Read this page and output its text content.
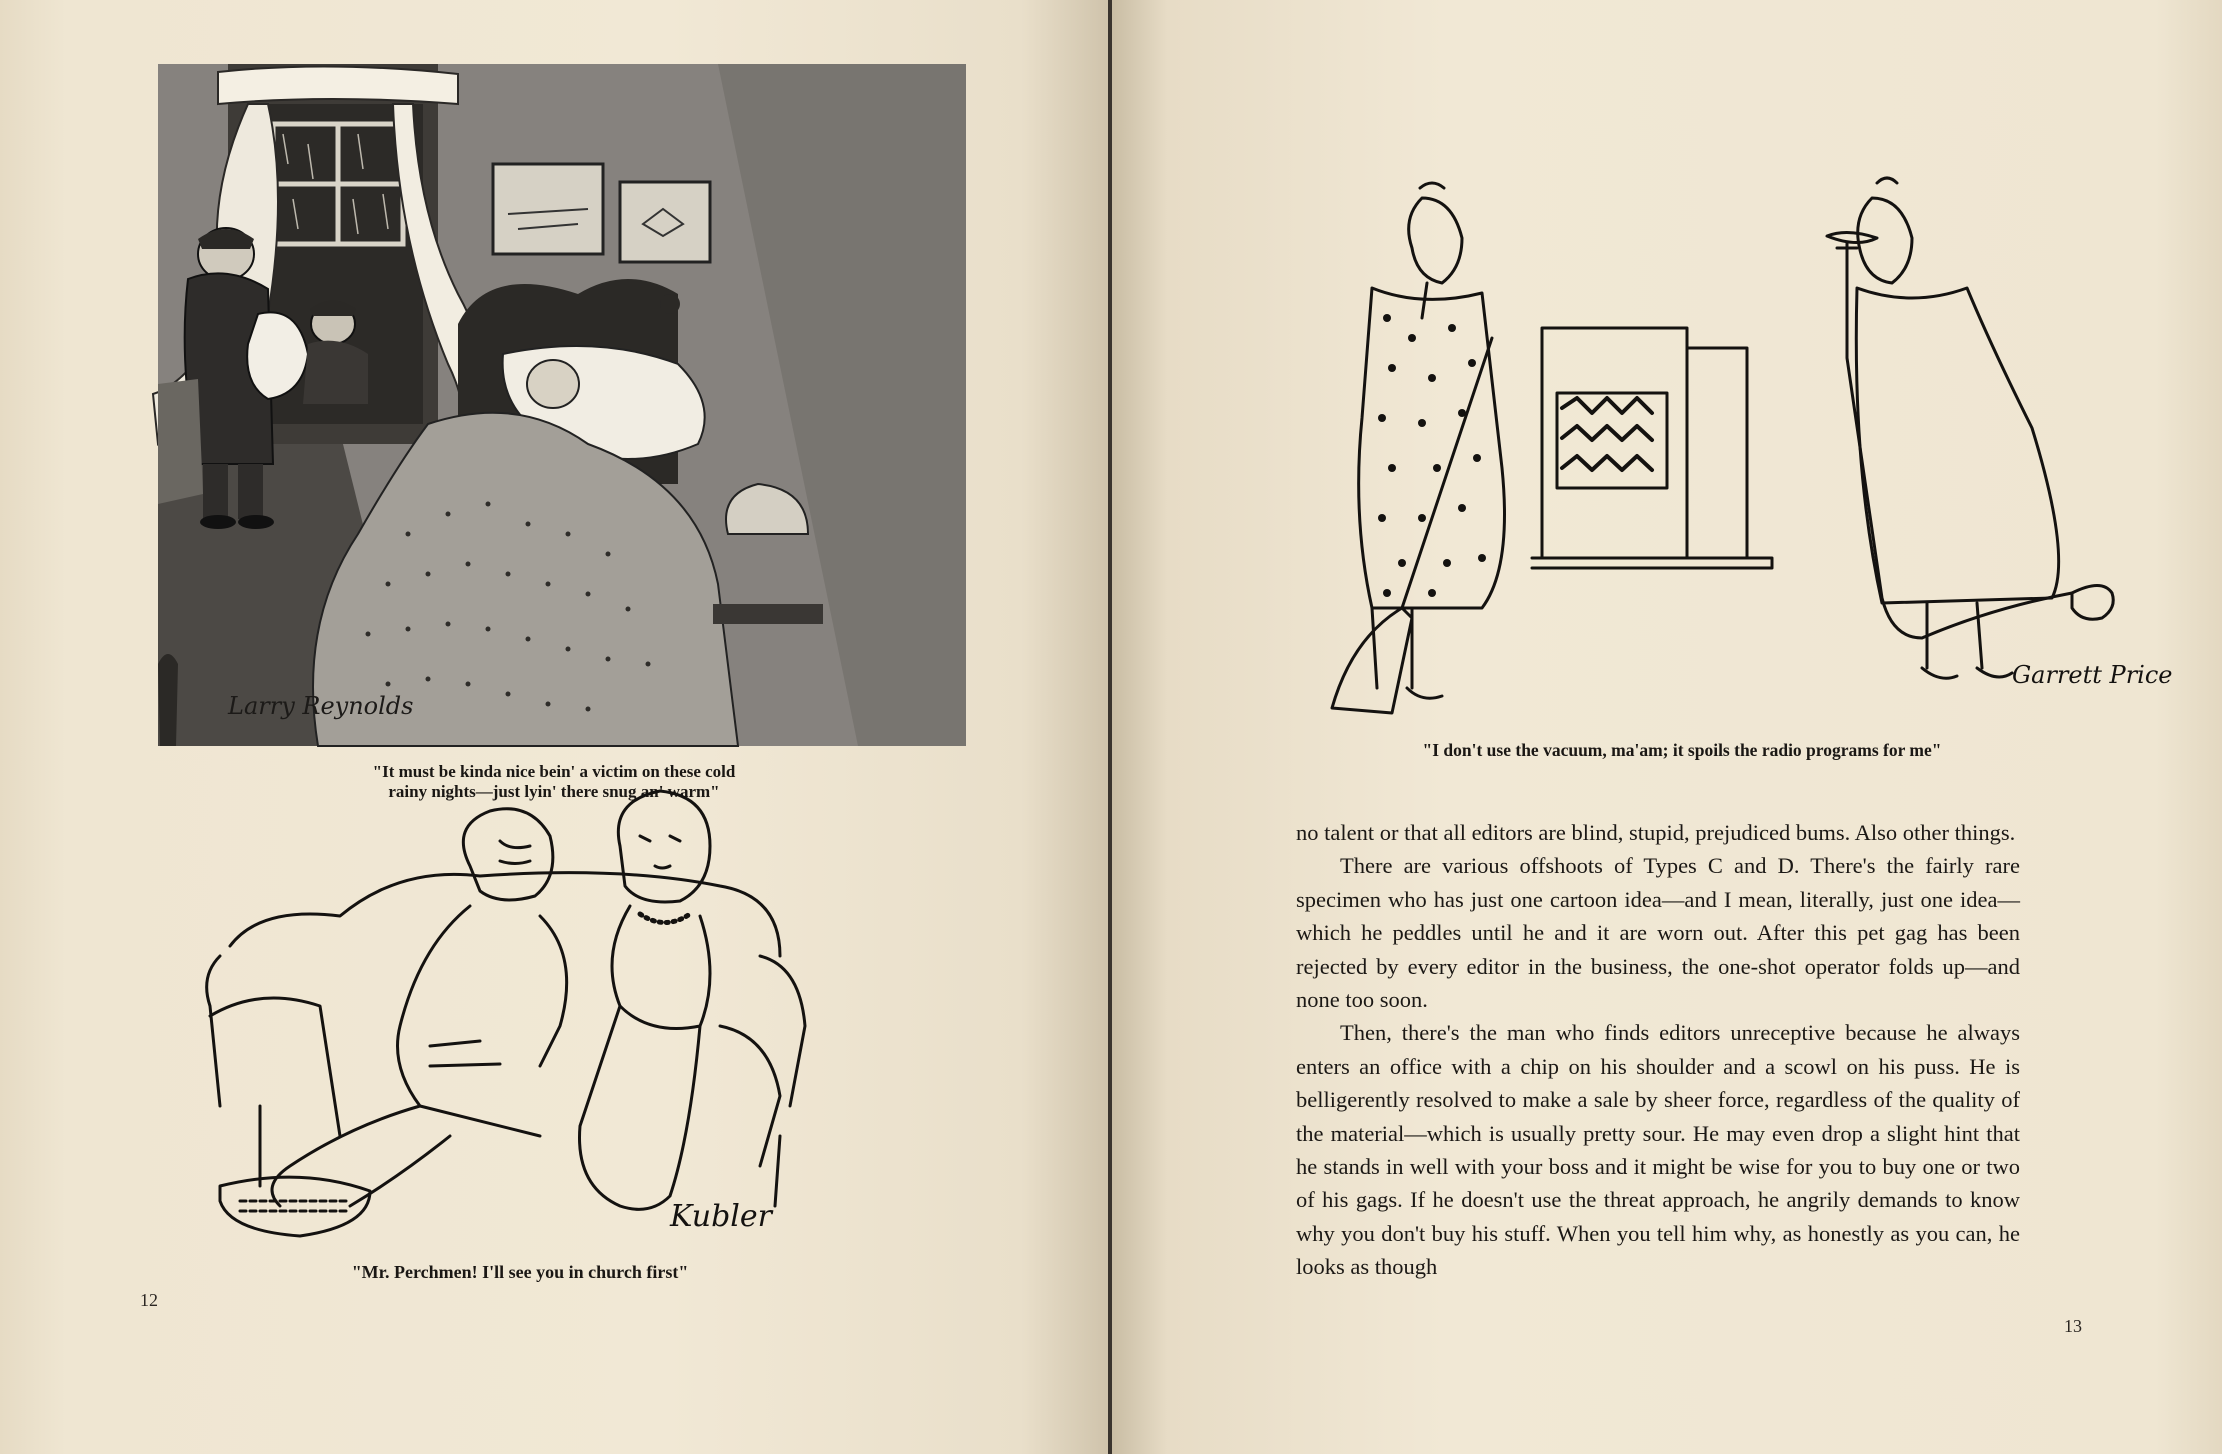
Larry Reynolds
"It must be kinda nice bein' a victim on these cold
rainy nights—just lyin' there snug an' warm"
Kubler
"Mr. Perchmen! I'll see you in church first"
12
Garrett Price
"I don't use the vacuum, ma'am; it spoils the radio programs for me"

no talent or that all editors are blind, stupid, prejudiced bums. Also other things.

There are various offshoots of Types C and D. There's the fairly rare specimen who has just one cartoon idea—and I mean, literally, just one idea—which he peddles until he and it are worn out. After this pet gag has been rejected by every editor in the business, the one-shot operator folds up—and none too soon.

Then, there's the man who finds editors unreceptive because he always enters an office with a chip on his shoulder and a scowl on his puss. He is belligerently resolved to make a sale by sheer force, regardless of the quality of the material—which is usually pretty sour. He may even drop a slight hint that he stands in well with your boss and it might be wise for you to buy one or two of his gags. If he doesn't use the threat approach, he angrily demands to know why you don't buy his stuff. When you tell him why, as honestly as you can, he looks as though

13
